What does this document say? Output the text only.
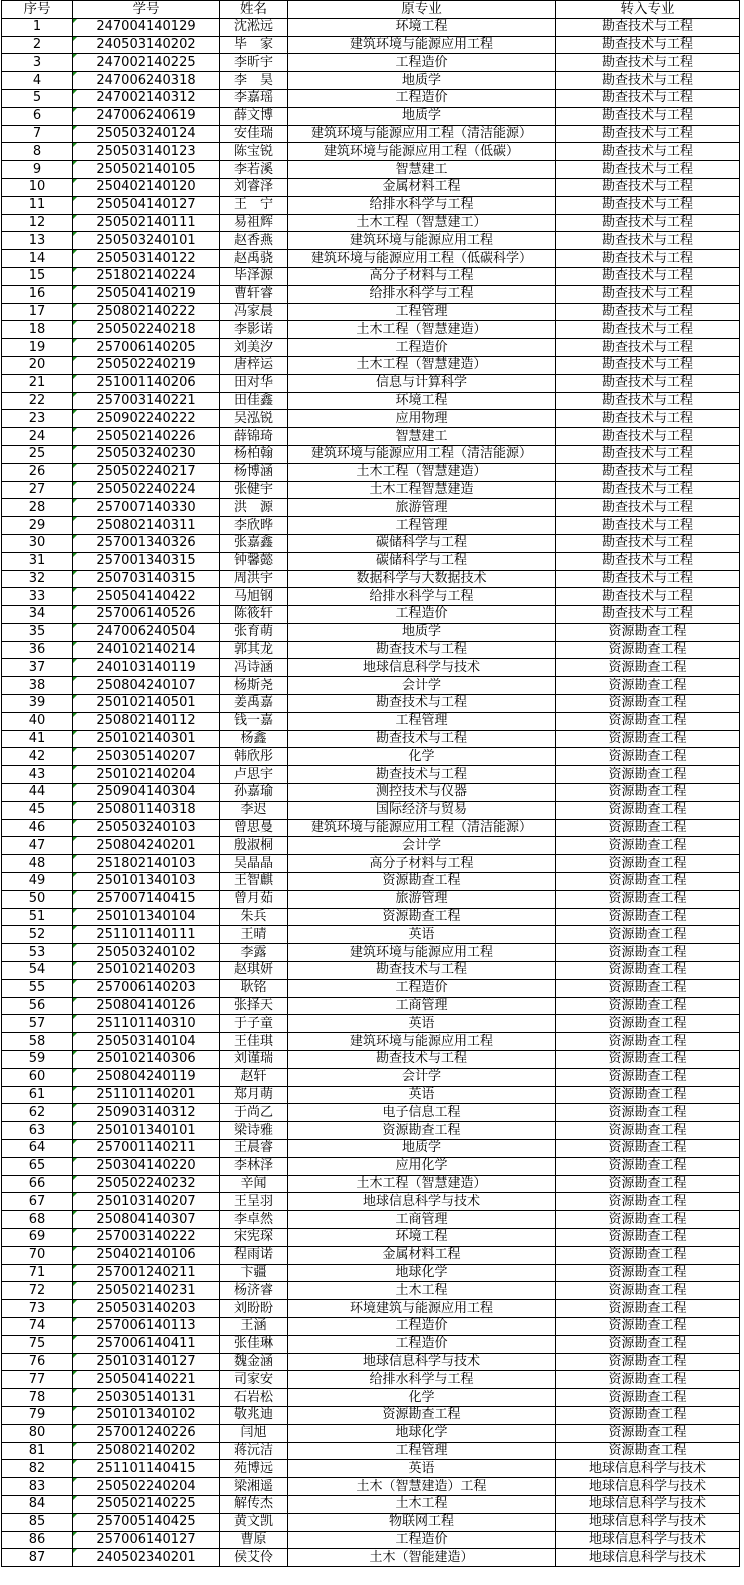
序号	学号	姓名	原专业	转入专业
1	247004140129	沈淞远	环境工程	勘查技术与工程
2	240503140202	毕　家	建筑环境与能源应用工程	勘查技术与工程
3	247002140225	李昕宇	工程造价	勘查技术与工程
4	247006240318	李　昊	地质学	勘查技术与工程
5	247002140312	李嘉瑶	工程造价	勘查技术与工程
6	247006240619	薛文博	地质学	勘查技术与工程
7	250503240124	安佳瑞	建筑环境与能源应用工程（清洁能源）	勘查技术与工程
8	250503140123	陈宝锐	建筑环境与能源应用工程（低碳）	勘查技术与工程
9	250502140105	李若溪	智慧建工	勘查技术与工程
10	250402140120	刘睿泽	金属材料工程	勘查技术与工程
11	250504140127	王　宁	给排水科学与工程	勘查技术与工程
12	250502140111	易祖辉	土木工程（智慧建工）	勘查技术与工程
13	250503240101	赵香燕	建筑环境与能源应用工程	勘查技术与工程
14	250503140122	赵禹骁	建筑环境与能源应用工程（低碳科学）	勘查技术与工程
15	251802140224	毕泽源	高分子材料与工程	勘查技术与工程
16	250504140219	曹轩睿	给排水科学与工程	勘查技术与工程
17	250802140222	冯家晨	工程管理	勘查技术与工程
18	250502240218	李影诺	土木工程（智慧建造）	勘查技术与工程
19	257006140205	刘美汐	工程造价	勘查技术与工程
20	250502240219	唐梓运	土木工程（智慧建造）	勘查技术与工程
21	251001140206	田对华	信息与计算科学	勘查技术与工程
22	257003140221	田佳鑫	环境工程	勘查技术与工程
23	250902240222	吴泓锐	应用物理	勘查技术与工程
24	250502140226	薛锦琦	智慧建工	勘查技术与工程
25	250503240230	杨柏翰	建筑环境与能源应用工程（清洁能源）	勘查技术与工程
26	250502240217	杨博涵	土木工程（智慧建造）	勘查技术与工程
27	250502240224	张健宇	土木工程智慧建造	勘查技术与工程
28	257007140330	洪　源	旅游管理	勘查技术与工程
29	250802140311	李欣晔	工程管理	勘查技术与工程
30	257001340326	张嘉鑫	碳储科学与工程	勘查技术与工程
31	257001340315	钟馨懿	碳储科学与工程	勘查技术与工程
32	250703140315	周洪宇	数据科学与大数据技术	勘查技术与工程
33	250504140422	马旭钢	给排水科学与工程	勘查技术与工程
34	257006140526	陈筱轩	工程造价	勘查技术与工程
35	247006240504	张育萌	地质学	资源勘查工程
36	240102140214	郭其龙	勘查技术与工程	资源勘查工程
37	240103140119	冯诗涵	地球信息科学与技术	资源勘查工程
38	250804240107	杨斯尧	会计学	资源勘查工程
39	250102140501	姜禹嘉	勘查技术与工程	资源勘查工程
40	250802140112	钱一嘉	工程管理	资源勘查工程
41	250102140301	杨鑫	勘查技术与工程	资源勘查工程
42	250305140207	韩欣彤	化学	资源勘查工程
43	250102140204	卢思宇	勘查技术与工程	资源勘查工程
44	250904140304	孙嘉瑜	测控技术与仪器	资源勘查工程
45	250801140318	李迟	国际经济与贸易	资源勘查工程
46	250503240103	曾思曼	建筑环境与能源应用工程（清洁能源）	资源勘查工程
47	250804240201	殷淑桐	会计学	资源勘查工程
48	251802140103	吴晶晶	高分子材料与工程	资源勘查工程
49	250101340103	王智麒	资源勘查工程	资源勘查工程
50	257007140415	曾月茹	旅游管理	资源勘查工程
51	250101340104	朱兵	资源勘查工程	资源勘查工程
52	251101140111	王晴	英语	资源勘查工程
53	250503240102	李露	建筑环境与能源应用工程	资源勘查工程
54	250102140203	赵琪妍	勘查技术与工程	资源勘查工程
55	257006140203	耿铭	工程造价	资源勘查工程
56	250804140126	张择天	工商管理	资源勘查工程
57	251101140310	于子童	英语	资源勘查工程
58	250503140104	王佳琪	建筑环境与能源应用工程	资源勘查工程
59	250102140306	刘谨瑞	勘查技术与工程	资源勘查工程
60	250804240119	赵轩	会计学	资源勘查工程
61	251101140201	郑月萌	英语	资源勘查工程
62	250903140312	于尚乙	电子信息工程	资源勘查工程
63	250101340101	梁诗雅	资源勘查工程	资源勘查工程
64	257001140211	王晨睿	地质学	资源勘查工程
65	250304140220	李林泽	应用化学	资源勘查工程
66	250502240232	辛闻	土木工程（智慧建造）	资源勘查工程
67	250103140207	王呈羽	地球信息科学与技术	资源勘查工程
68	250804140307	李卓然	工商管理	资源勘查工程
69	257003140222	宋宪琛	环境工程	资源勘查工程
70	250402140106	程雨诺	金属材料工程	资源勘查工程
71	257001240211	卞疆	地球化学	资源勘查工程
72	250502140231	杨济睿	土木工程	资源勘查工程
73	250503140203	刘盼盼	环境建筑与能源应用工程	资源勘查工程
74	257006140113	王涵	工程造价	资源勘查工程
75	257006140411	张佳琳	工程造价	资源勘查工程
76	250103140127	魏金涵	地球信息科学与技术	资源勘查工程
77	250504140221	司家安	给排水科学与工程	资源勘查工程
78	250305140131	石岩松	化学	资源勘查工程
79	250101340102	敬兆迪	资源勘查工程	资源勘查工程
80	257001240226	闫旭	地球化学	资源勘查工程
81	250802140202	蒋沅洁	工程管理	资源勘查工程
82	251101140415	苑博远	英语	地球信息科学与技术
83	250502240204	梁湘遥	土木（智慧建造）工程	地球信息科学与技术
84	250502140225	解传杰	土木工程	地球信息科学与技术
85	257005140425	黄文凯	物联网工程	地球信息科学与技术
86	257006140127	曹原	工程造价	地球信息科学与技术
87	240502340201	侯艾伶	土木（智能建造）	地球信息科学与技术
